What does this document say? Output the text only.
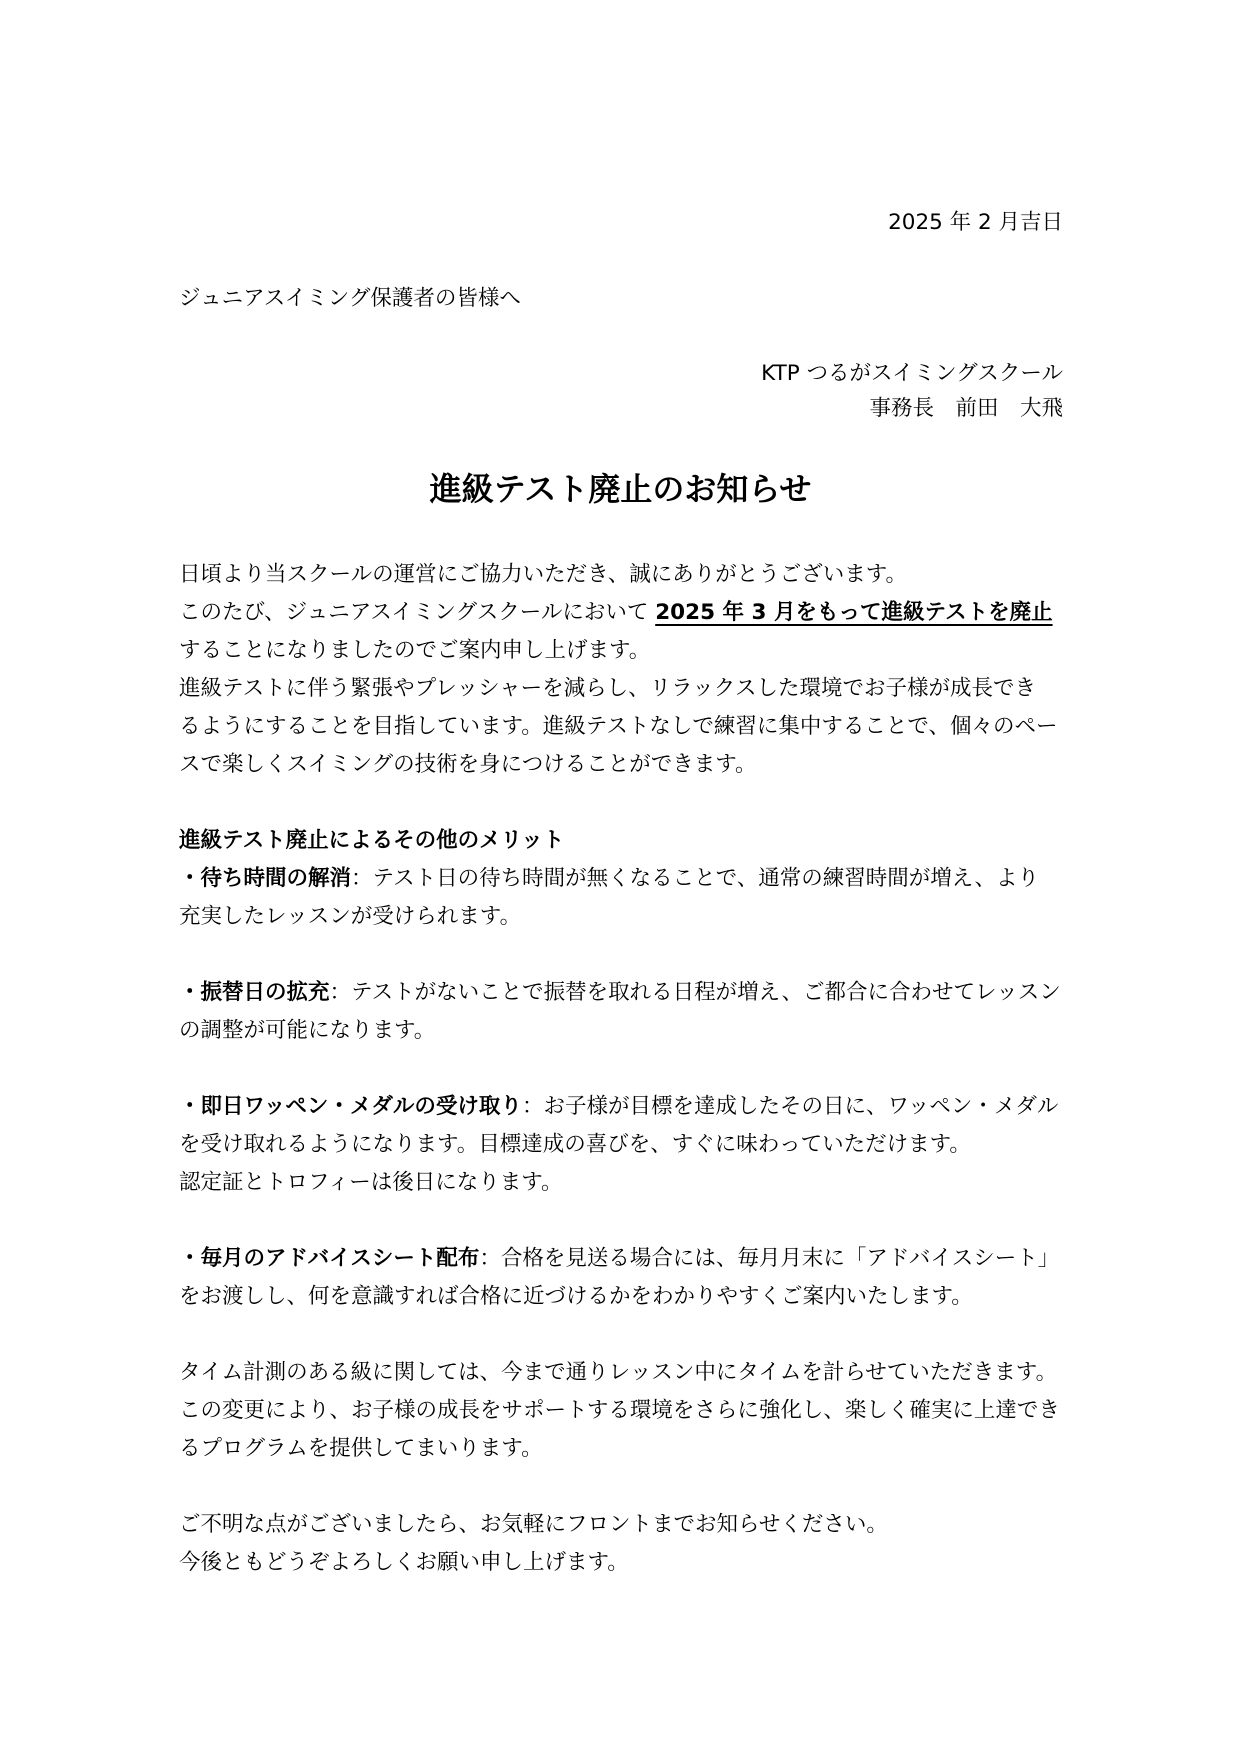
2025 年 2 月吉日
ジュニアスイミング保護者の皆様へ
KTP つるがスイミングスクール
事務長　前田　大飛
進級テスト廃止のお知らせ
日頃より当スクールの運営にご協力いただき、誠にありがとうございます。
このたび、ジュニアスイミングスクールにおいて 2025 年 3 月をもって進級テストを廃止
することになりましたのでご案内申し上げます。
進級テストに伴う緊張やプレッシャーを減らし、リラックスした環境でお子様が成長でき
るようにすることを目指しています。進級テストなしで練習に集中することで、個々のペー
スで楽しくスイミングの技術を身につけることができます。
進級テスト廃止によるその他のメリット
・待ち時間の解消：テスト日の待ち時間が無くなることで、通常の練習時間が増え、より
充実したレッスンが受けられます。
・振替日の拡充：テストがないことで振替を取れる日程が増え、ご都合に合わせてレッスン
の調整が可能になります。
・即日ワッペン・メダルの受け取り：お子様が目標を達成したその日に、ワッペン・メダル
を受け取れるようになります。目標達成の喜びを、すぐに味わっていただけます。
認定証とトロフィーは後日になります。
・毎月のアドバイスシート配布：合格を見送る場合には、毎月月末に「アドバイスシート」
をお渡しし、何を意識すれば合格に近づけるかをわかりやすくご案内いたします。
タイム計測のある級に関しては、今まで通りレッスン中にタイムを計らせていただきます。
この変更により、お子様の成長をサポートする環境をさらに強化し、楽しく確実に上達でき
るプログラムを提供してまいります。
ご不明な点がございましたら、お気軽にフロントまでお知らせください。
今後ともどうぞよろしくお願い申し上げます。
